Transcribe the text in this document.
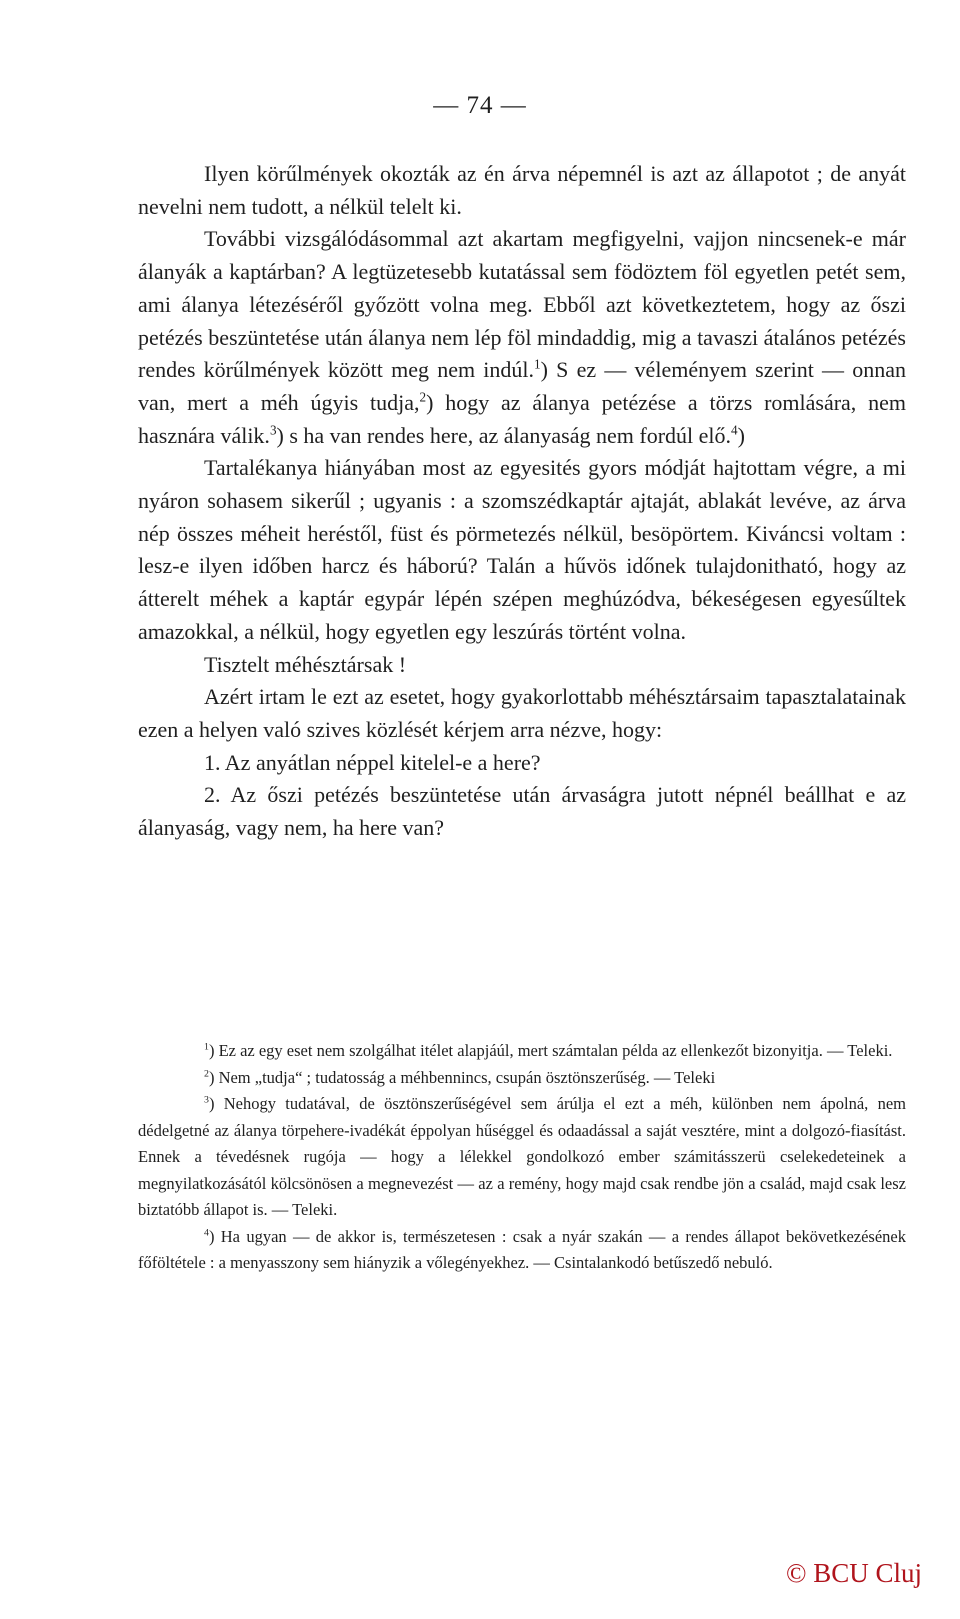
— 74 —

Ilyen körűlmények okozták az én árva népemnél is azt az állapotot ; de anyát nevelni nem tudott, a nélkül telelt ki.

További vizsgálódásommal azt akartam megfigyelni, vajjon nincsenek-e már álanyák a kaptárban? A legtüzetesebb kutatással sem födöztem föl egyetlen petét sem, ami álanya létezéséről győzött volna meg. Ebből azt következtetem, hogy az őszi petézés beszüntetése után álanya nem lép föl mindaddig, mig a tavaszi átalános petézés rendes körűlmények között meg nem indúl.$^1$) S ez — véleményem szerint — onnan van, mert a méh úgyis tudja,$^2$) hogy az álanya petézése a törzs romlására, nem hasznára válik.$^3$) s ha van rendes here, az álanyaság nem fordúl elő.$^4$)

Tartalékanya hiányában most az egyesités gyors módját hajtottam végre, a mi nyáron sohasem sikerűl ; ugyanis : a szomszédkaptár ajtaját, ablakát levéve, az árva nép összes méheit heréstől, füst és pörmetezés nélkül, besöpörtem. Kiváncsi voltam : lesz-e ilyen időben harcz és háború? Talán a hűvös időnek tulajdonitható, hogy az átterelt méhek a kaptár egypár lépén szépen meghúzódva, békeségesen egyesűltek amazokkal, a nélkül, hogy egyetlen egy leszúrás történt volna.

Tisztelt méhésztársak !

Azért irtam le ezt az esetet, hogy gyakorlottabb méhésztársaim tapasztalatainak ezen a helyen való szives közlését kérjem arra nézve, hogy:

1. Az anyátlan néppel kitelel-e a here?

2. Az őszi petézés beszüntetése után árvaságra jutott népnél beállhat e az álanyaság, vagy nem, ha here van?

$^1$) Ez az egy eset nem szolgálhat itélet alapjáúl, mert számtalan példa az ellenkezőt bizonyitja. — Teleki.

$^2$) Nem „tudja“ ; tudatosság a méhbennincs, csupán ösztönszerűség. — Teleki

$^3$) Nehogy tudatával, de ösztönszerűségével sem árúlja el ezt a méh, különben nem ápolná, nem dédelgetné az álanya törpehere-ivadékát éppolyan hűséggel és odaadással a saját vesztére, mint a dolgozó-fiasítást. Ennek a tévedésnek rugója — hogy a lélekkel gondolkozó ember számitásszerü cselekedeteinek a megnyilatkozásától kölcsönösen a megnevezést — az a remény, hogy majd csak rendbe jön a család, majd csak lesz biztatóbb állapot is. — Teleki.

$^4$) Ha ugyan — de akkor is, természetesen : csak a nyár szakán — a rendes állapot bekövetkezésének főföltétele : a menyasszony sem hiányzik a vőlegényekhez. — Csintalankodó betűszedő nebuló.

© BCU Cluj
